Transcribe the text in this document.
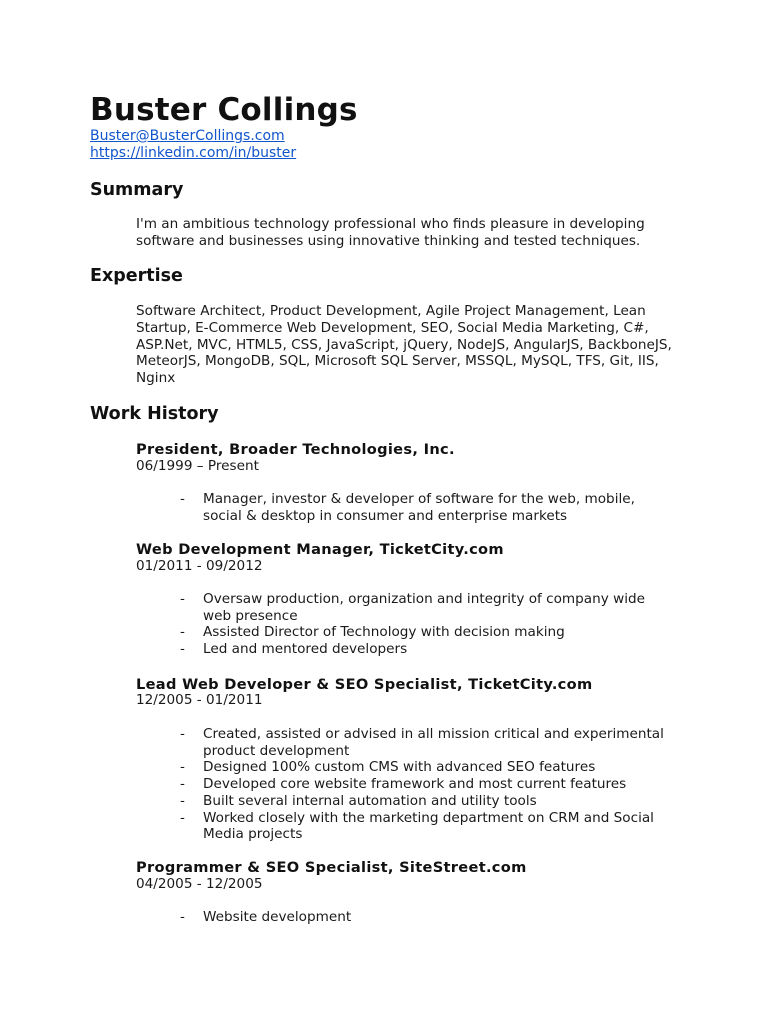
Buster Collings
Buster@BusterCollings.com
https://linkedin.com/in/buster
Summary

I'm an ambitious technology professional who finds pleasure in developing software and businesses using innovative thinking and tested techniques.

Expertise

Software Architect, Product Development, Agile Project Management, Lean Startup, E-Commerce Web Development, SEO, Social Media Marketing, C#, ASP.Net, MVC, HTML5, CSS, JavaScript, jQuery, NodeJS, AngularJS, BackboneJS, MeteorJS, MongoDB, SQL, Microsoft SQL Server, MSSQL, MySQL, TFS, Git, IIS, Nginx

Work History
President, Broader Technologies, Inc.
06/1999 – Present
- Manager, investor & developer of software for the web, mobile, social & desktop in consumer and enterprise markets
Web Development Manager, TicketCity.com
01/2011 - 09/2012
- Oversaw production, organization and integrity of company wide web presence
- Assisted Director of Technology with decision making
- Led and mentored developers
Lead Web Developer & SEO Specialist, TicketCity.com
12/2005 - 01/2011
- Created, assisted or advised in all mission critical and experimental product development
- Designed 100% custom CMS with advanced SEO features
- Developed core website framework and most current features
- Built several internal automation and utility tools
- Worked closely with the marketing department on CRM and Social Media projects
Programmer & SEO Specialist, SiteStreet.com
04/2005 - 12/2005
- Website development
